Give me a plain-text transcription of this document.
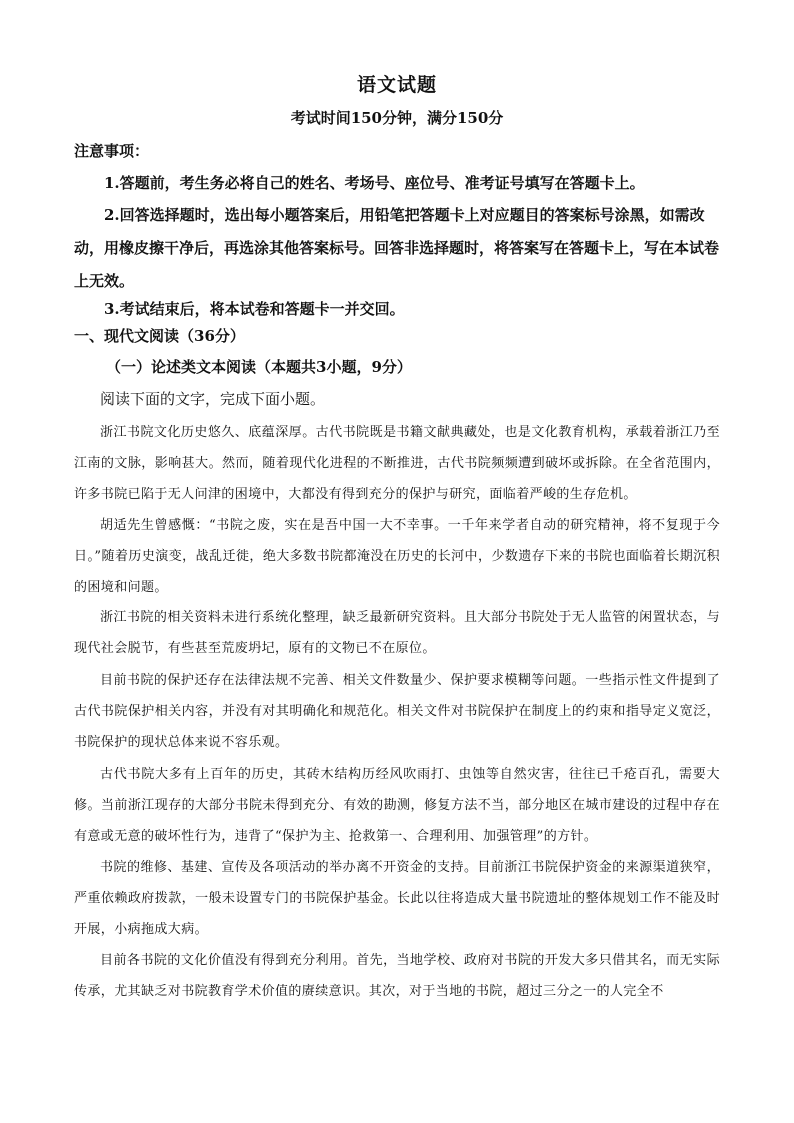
语文试题
考试时间150分钟，满分150分
注意事项：
1.答题前，考生务必将自己的姓名、考场号、座位号、准考证号填写在答题卡上。
2.回答选择题时，选出每小题答案后，用铅笔把答题卡上对应题目的答案标号涂黑，如需改动，用橡皮擦干净后，再选涂其他答案标号。回答非选择题时，将答案写在答题卡上，写在本试卷上无效。
3.考试结束后，将本试卷和答题卡一并交回。
一、现代文阅读（36分）
（一）论述类文本阅读（本题共3小题，9分）
阅读下面的文字，完成下面小题。
浙江书院文化历史悠久、底蕴深厚。古代书院既是书籍文献典藏处，也是文化教育机构，承载着浙江乃至江南的文脉，影响甚大。然而，随着现代化进程的不断推进，古代书院频频遭到破坏或拆除。在全省范围内，许多书院已陷于无人问津的困境中，大都没有得到充分的保护与研究，面临着严峻的生存危机。
胡适先生曾感慨：“书院之废，实在是吾中国一大不幸事。一千年来学者自动的研究精神，将不复现于今日。”随着历史演变，战乱迁徙，绝大多数书院都淹没在历史的长河中，少数遗存下来的书院也面临着长期沉积的困境和问题。
浙江书院的相关资料未进行系统化整理，缺乏最新研究资料。且大部分书院处于无人监管的闲置状态，与现代社会脱节，有些甚至荒废坍圮，原有的文物已不在原位。
目前书院的保护还存在法律法规不完善、相关文件数量少、保护要求模糊等问题。一些指示性文件提到了古代书院保护相关内容，并没有对其明确化和规范化。相关文件对书院保护在制度上的约束和指导定义宽泛，书院保护的现状总体来说不容乐观。
古代书院大多有上百年的历史，其砖木结构历经风吹雨打、虫蚀等自然灾害，往往已千疮百孔，需要大修。当前浙江现存的大部分书院未得到充分、有效的勘测，修复方法不当，部分地区在城市建设的过程中存在有意或无意的破坏性行为，违背了“保护为主、抢救第一、合理利用、加强管理”的方针。
书院的维修、基建、宣传及各项活动的举办离不开资金的支持。目前浙江书院保护资金的来源渠道狭窄，严重依赖政府拨款，一般未设置专门的书院保护基金。长此以往将造成大量书院遗址的整体规划工作不能及时开展，小病拖成大病。
目前各书院的文化价值没有得到充分利用。首先，当地学校、政府对书院的开发大多只借其名，而无实际传承，尤其缺乏对书院教育学术价值的赓续意识。其次，对于当地的书院，超过三分之一的人完全不
